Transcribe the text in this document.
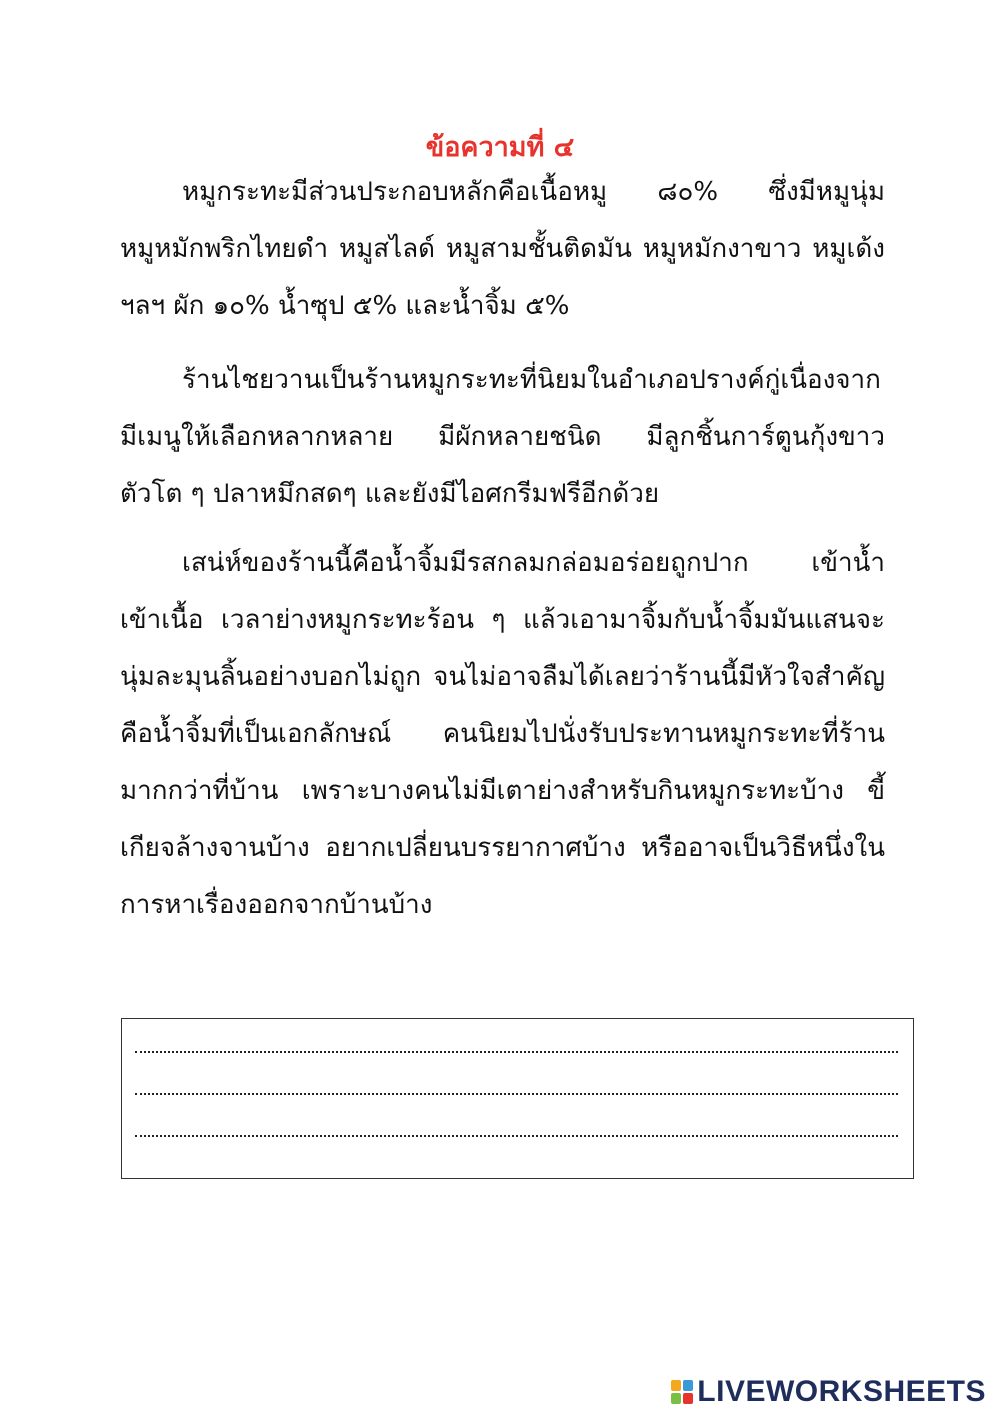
ข้อความที่ ๔
หมูกระทะมีส่วนประกอบหลักคือเนื้อหมู ๘๐% ซึ่งมีหมูนุ่ม
หมูหมักพริกไทยดำ หมูสไลด์ หมูสามชั้นติดมัน หมูหมักงาขาว หมูเด้ง
ฯลฯ ผัก ๑๐% น้ำซุป ๕% และน้ำจิ้ม ๕%
ร้านไชยวานเป็นร้านหมูกระทะที่นิยมในอำเภอปรางค์กู่เนื่องจาก
มีเมนูให้เลือกหลากหลาย มีผักหลายชนิด มีลูกชิ้นการ์ตูนกุ้งขาว
ตัวโต ๆ ปลาหมึกสดๆ และยังมีไอศกรีมฟรีอีกด้วย
เสน่ห์ของร้านนี้คือน้ำจิ้มมีรสกลมกล่อมอร่อยถูกปาก เข้าน้ำ
เข้าเนื้อ เวลาย่างหมูกระทะร้อน ๆ แล้วเอามาจิ้มกับน้ำจิ้มมันแสนจะ
นุ่มละมุนลิ้นอย่างบอกไม่ถูก จนไม่อาจลืมได้เลยว่าร้านนี้มีหัวใจสำคัญ
คือน้ำจิ้มที่เป็นเอกลักษณ์ คนนิยมไปนั่งรับประทานหมูกระทะที่ร้าน
มากกว่าที่บ้าน เพราะบางคนไม่มีเตาย่างสำหรับกินหมูกระทะบ้าง ขี้
เกียจล้างจานบ้าง อยากเปลี่ยนบรรยากาศบ้าง หรืออาจเป็นวิธีหนึ่งใน
การหาเรื่องออกจากบ้านบ้าง
LIVEWORKSHEETS
